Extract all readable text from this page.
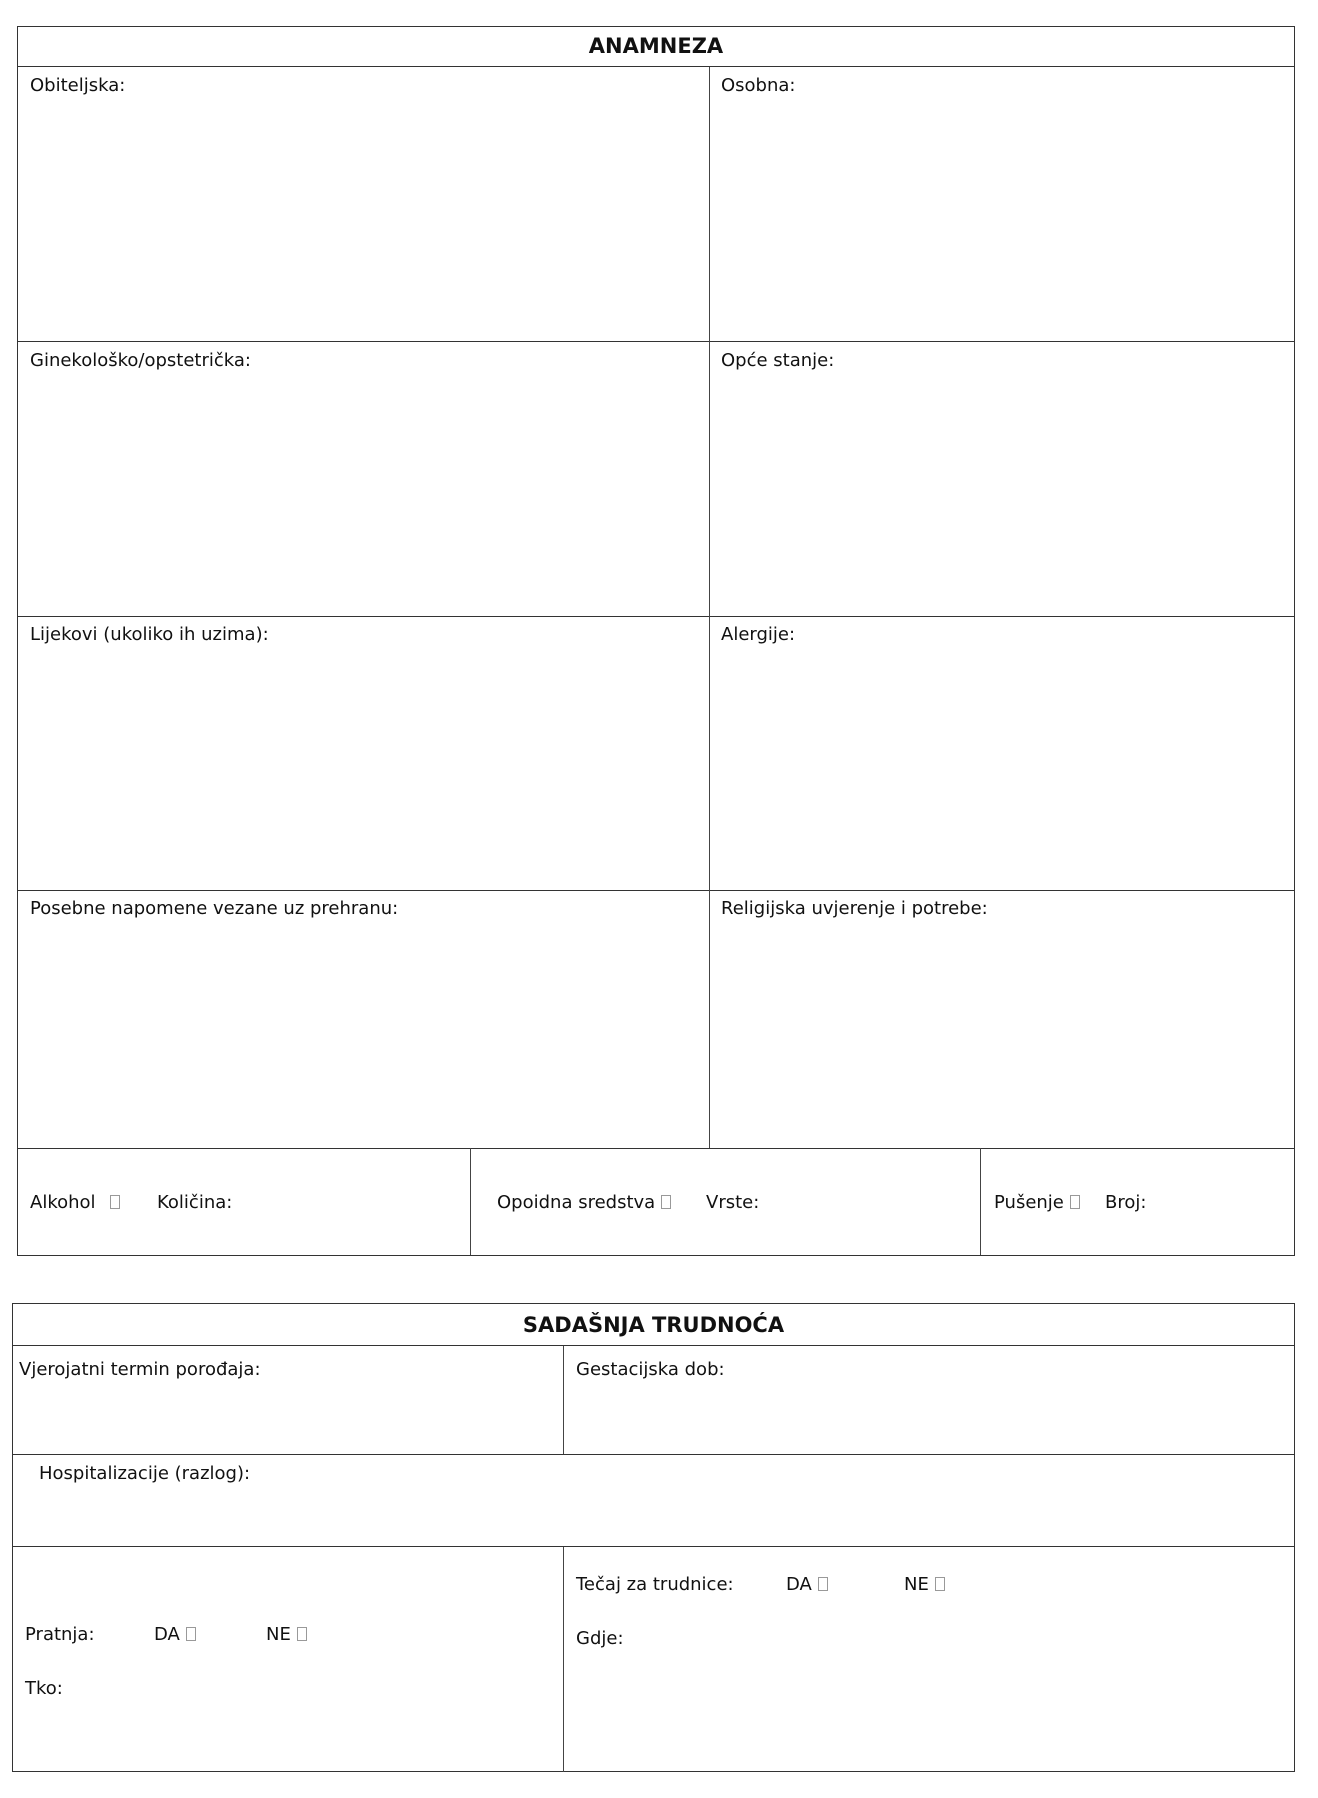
ANAMNEZA
Obiteljska:	Osobna:
Ginekološko/opstetrička:	Opće stanje:
Lijekovi (ukoliko ih uzima):	Alergije:
Posebne napomene vezane uz prehranu:	Religijska uvjerenje i potrebe:
Alkohol	Količina:	Opoidna sredstva	Vrste:	Pušenje	Broj:
SADAŠNJA TRUDNOĆA
Vjerojatni termin porođaja:	Gestacijska dob:
Hospitalizacije (razlog):
Pratnja:	DA	NE
Tko:
Tečaj za trudnice:	DA	NE
Gdje:
